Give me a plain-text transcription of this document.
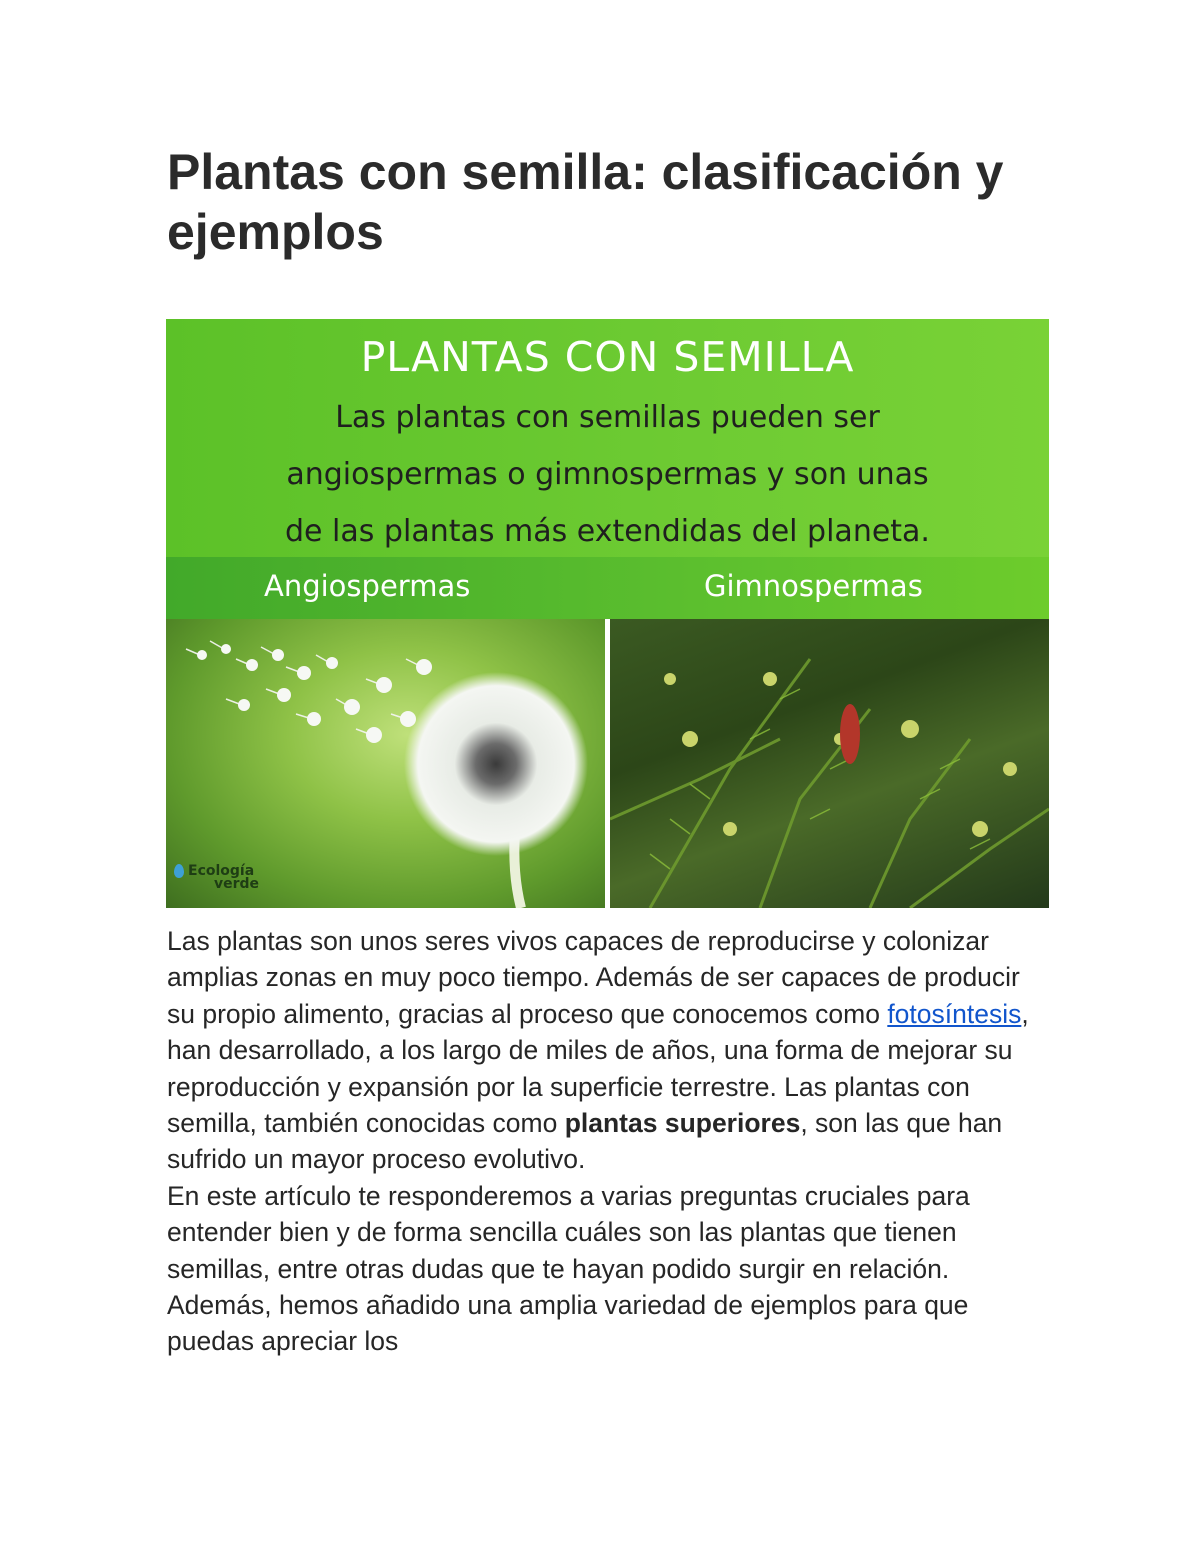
Plantas con semilla: clasificación y ejemplos
PLANTAS CON SEMILLA
Las plantas con semillas pueden ser
angiospermas o gimnospermas y son unas
de las plantas más extendidas del planeta.
Angiospermas	Gimnospermas
Ecología
verde

Las plantas son unos seres vivos capaces de reproducirse y colonizar amplias zonas en muy poco tiempo. Además de ser capaces de producir su propio alimento, gracias al proceso que conocemos como fotosíntesis, han desarrollado, a los largo de miles de años, una forma de mejorar su reproducción y expansión por la superficie terrestre. Las plantas con semilla, también conocidas como plantas superiores, son las que han sufrido un mayor proceso evolutivo.

En este artículo te responderemos a varias preguntas cruciales para entender bien y de forma sencilla cuáles son las plantas que tienen semillas, entre otras dudas que te hayan podido surgir en relación. Además, hemos añadido una amplia variedad de ejemplos para que puedas apreciar los
